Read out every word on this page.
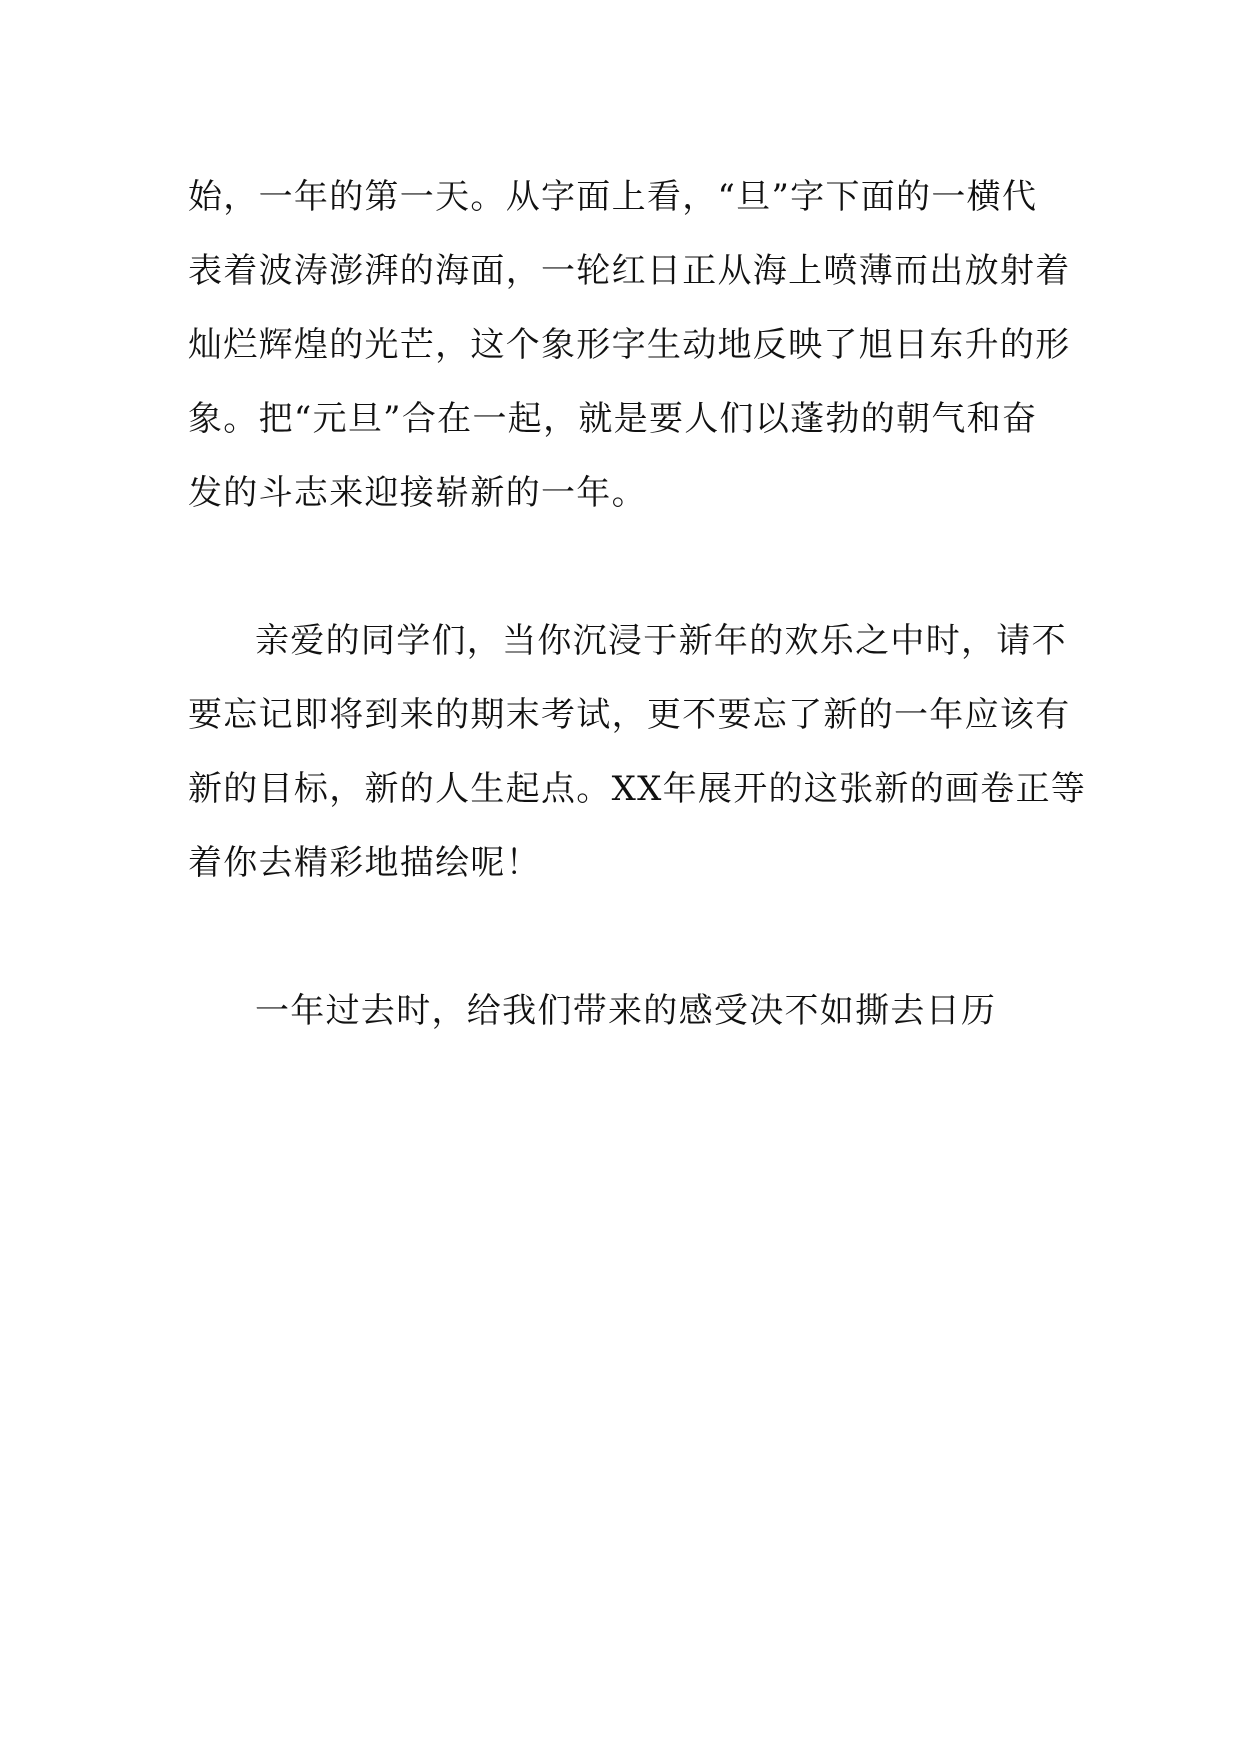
始，一年的第一天。从字面上看，“旦”字下面的一横代
表着波涛澎湃的海面，一轮红日正从海上喷薄而出放射着
灿烂辉煌的光芒，这个象形字生动地反映了旭日东升的形
象。把“元旦”合在一起，就是要人们以蓬勃的朝气和奋
发的斗志来迎接崭新的一年。
亲爱的同学们，当你沉浸于新年的欢乐之中时，请不
要忘记即将到来的期末考试，更不要忘了新的一年应该有
新的目标，新的人生起点。XX年展开的这张新的画卷正等
着你去精彩地描绘呢！
一年过去时，给我们带来的感受决不如撕去日历
